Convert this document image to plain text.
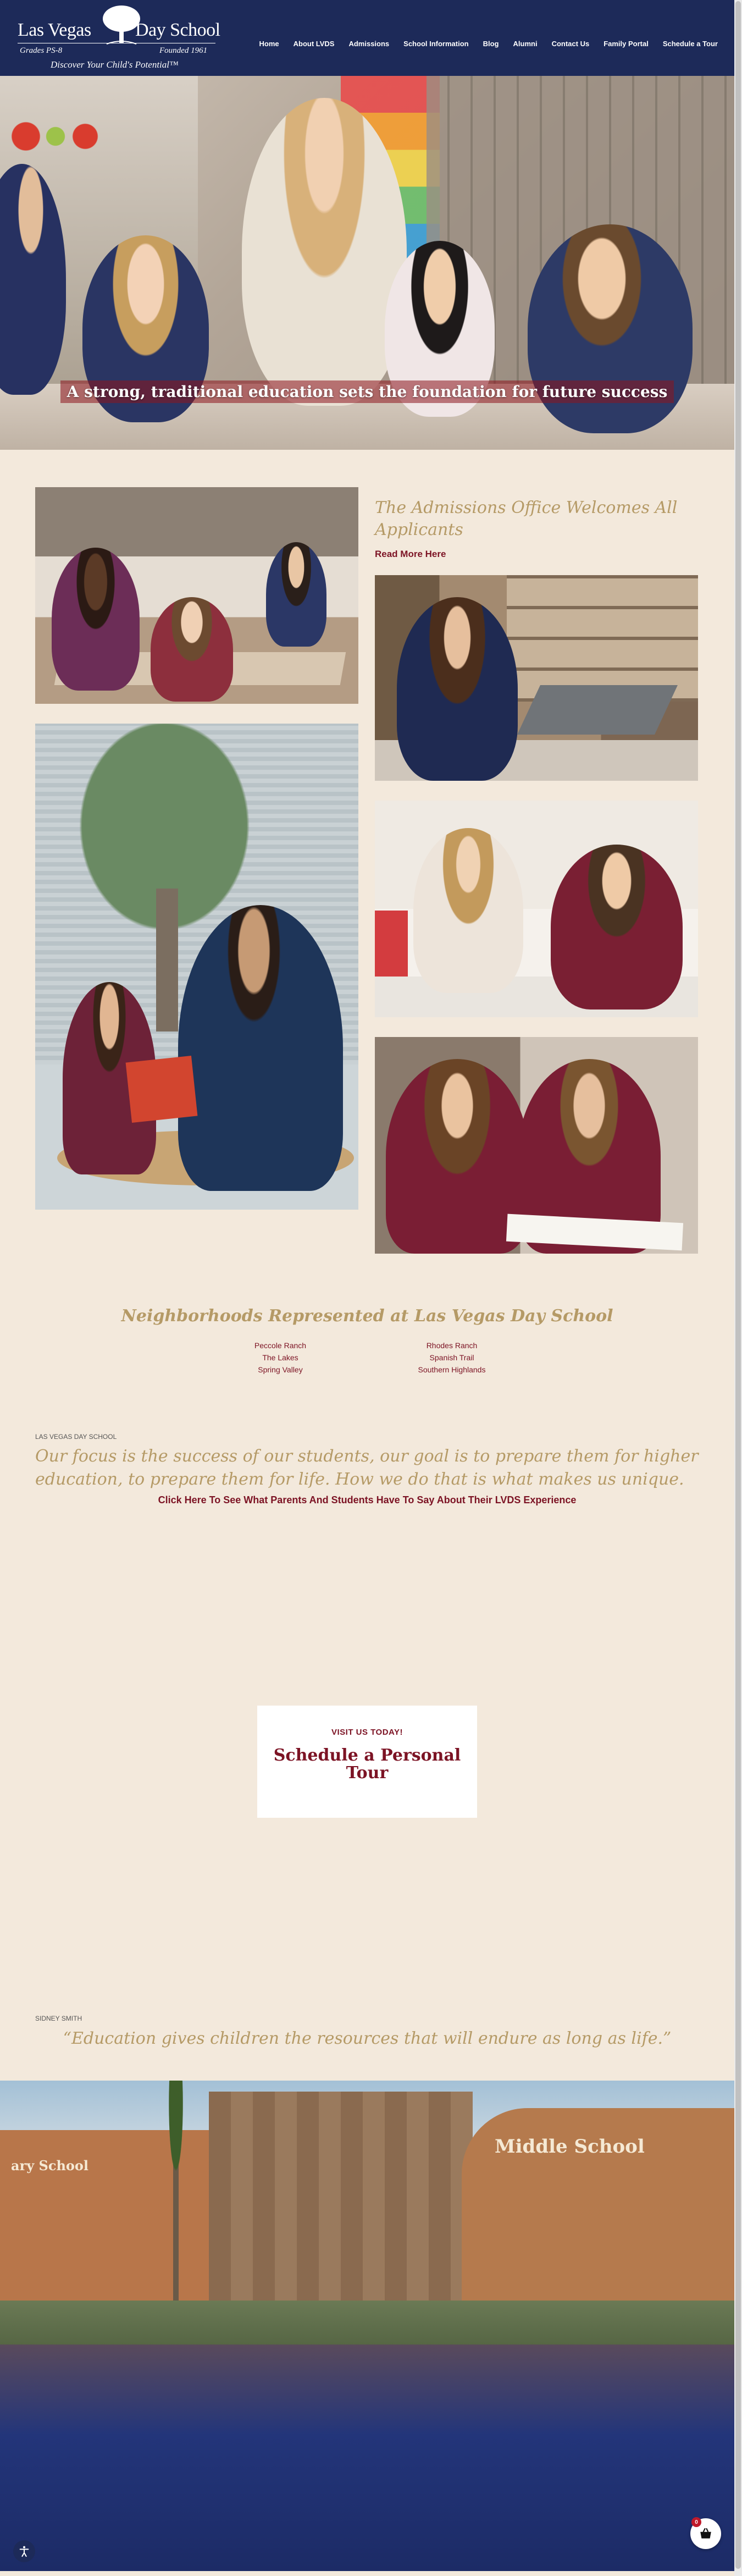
Las Vegas Day School
Grades PS-8	Founded 1961
Discover Your Child's Potential™
Home About LVDS Admissions School Information Blog Alumni Contact Us Family Portal Schedule a Tour
A strong, traditional education sets the foundation for future success
The Admissions Office Welcomes All Applicants
Read More Here
Neighborhoods Represented at Las Vegas Day School
Peccole Ranch
The Lakes
Spring Valley
Rhodes Ranch
Spanish Trail
Southern Highlands
LAS VEGAS DAY SCHOOL

Our focus is the success of our students, our goal is to prepare them for higher education, to prepare them for life. How we do that is what makes us unique.

Click Here To See What Parents And Students Have To Say About Their LVDS Experience
VISIT US TODAY!
Schedule a Personal Tour
SIDNEY SMITH
“Education gives children the resources that will endure as long as life.”
ary School
Middle School
0
